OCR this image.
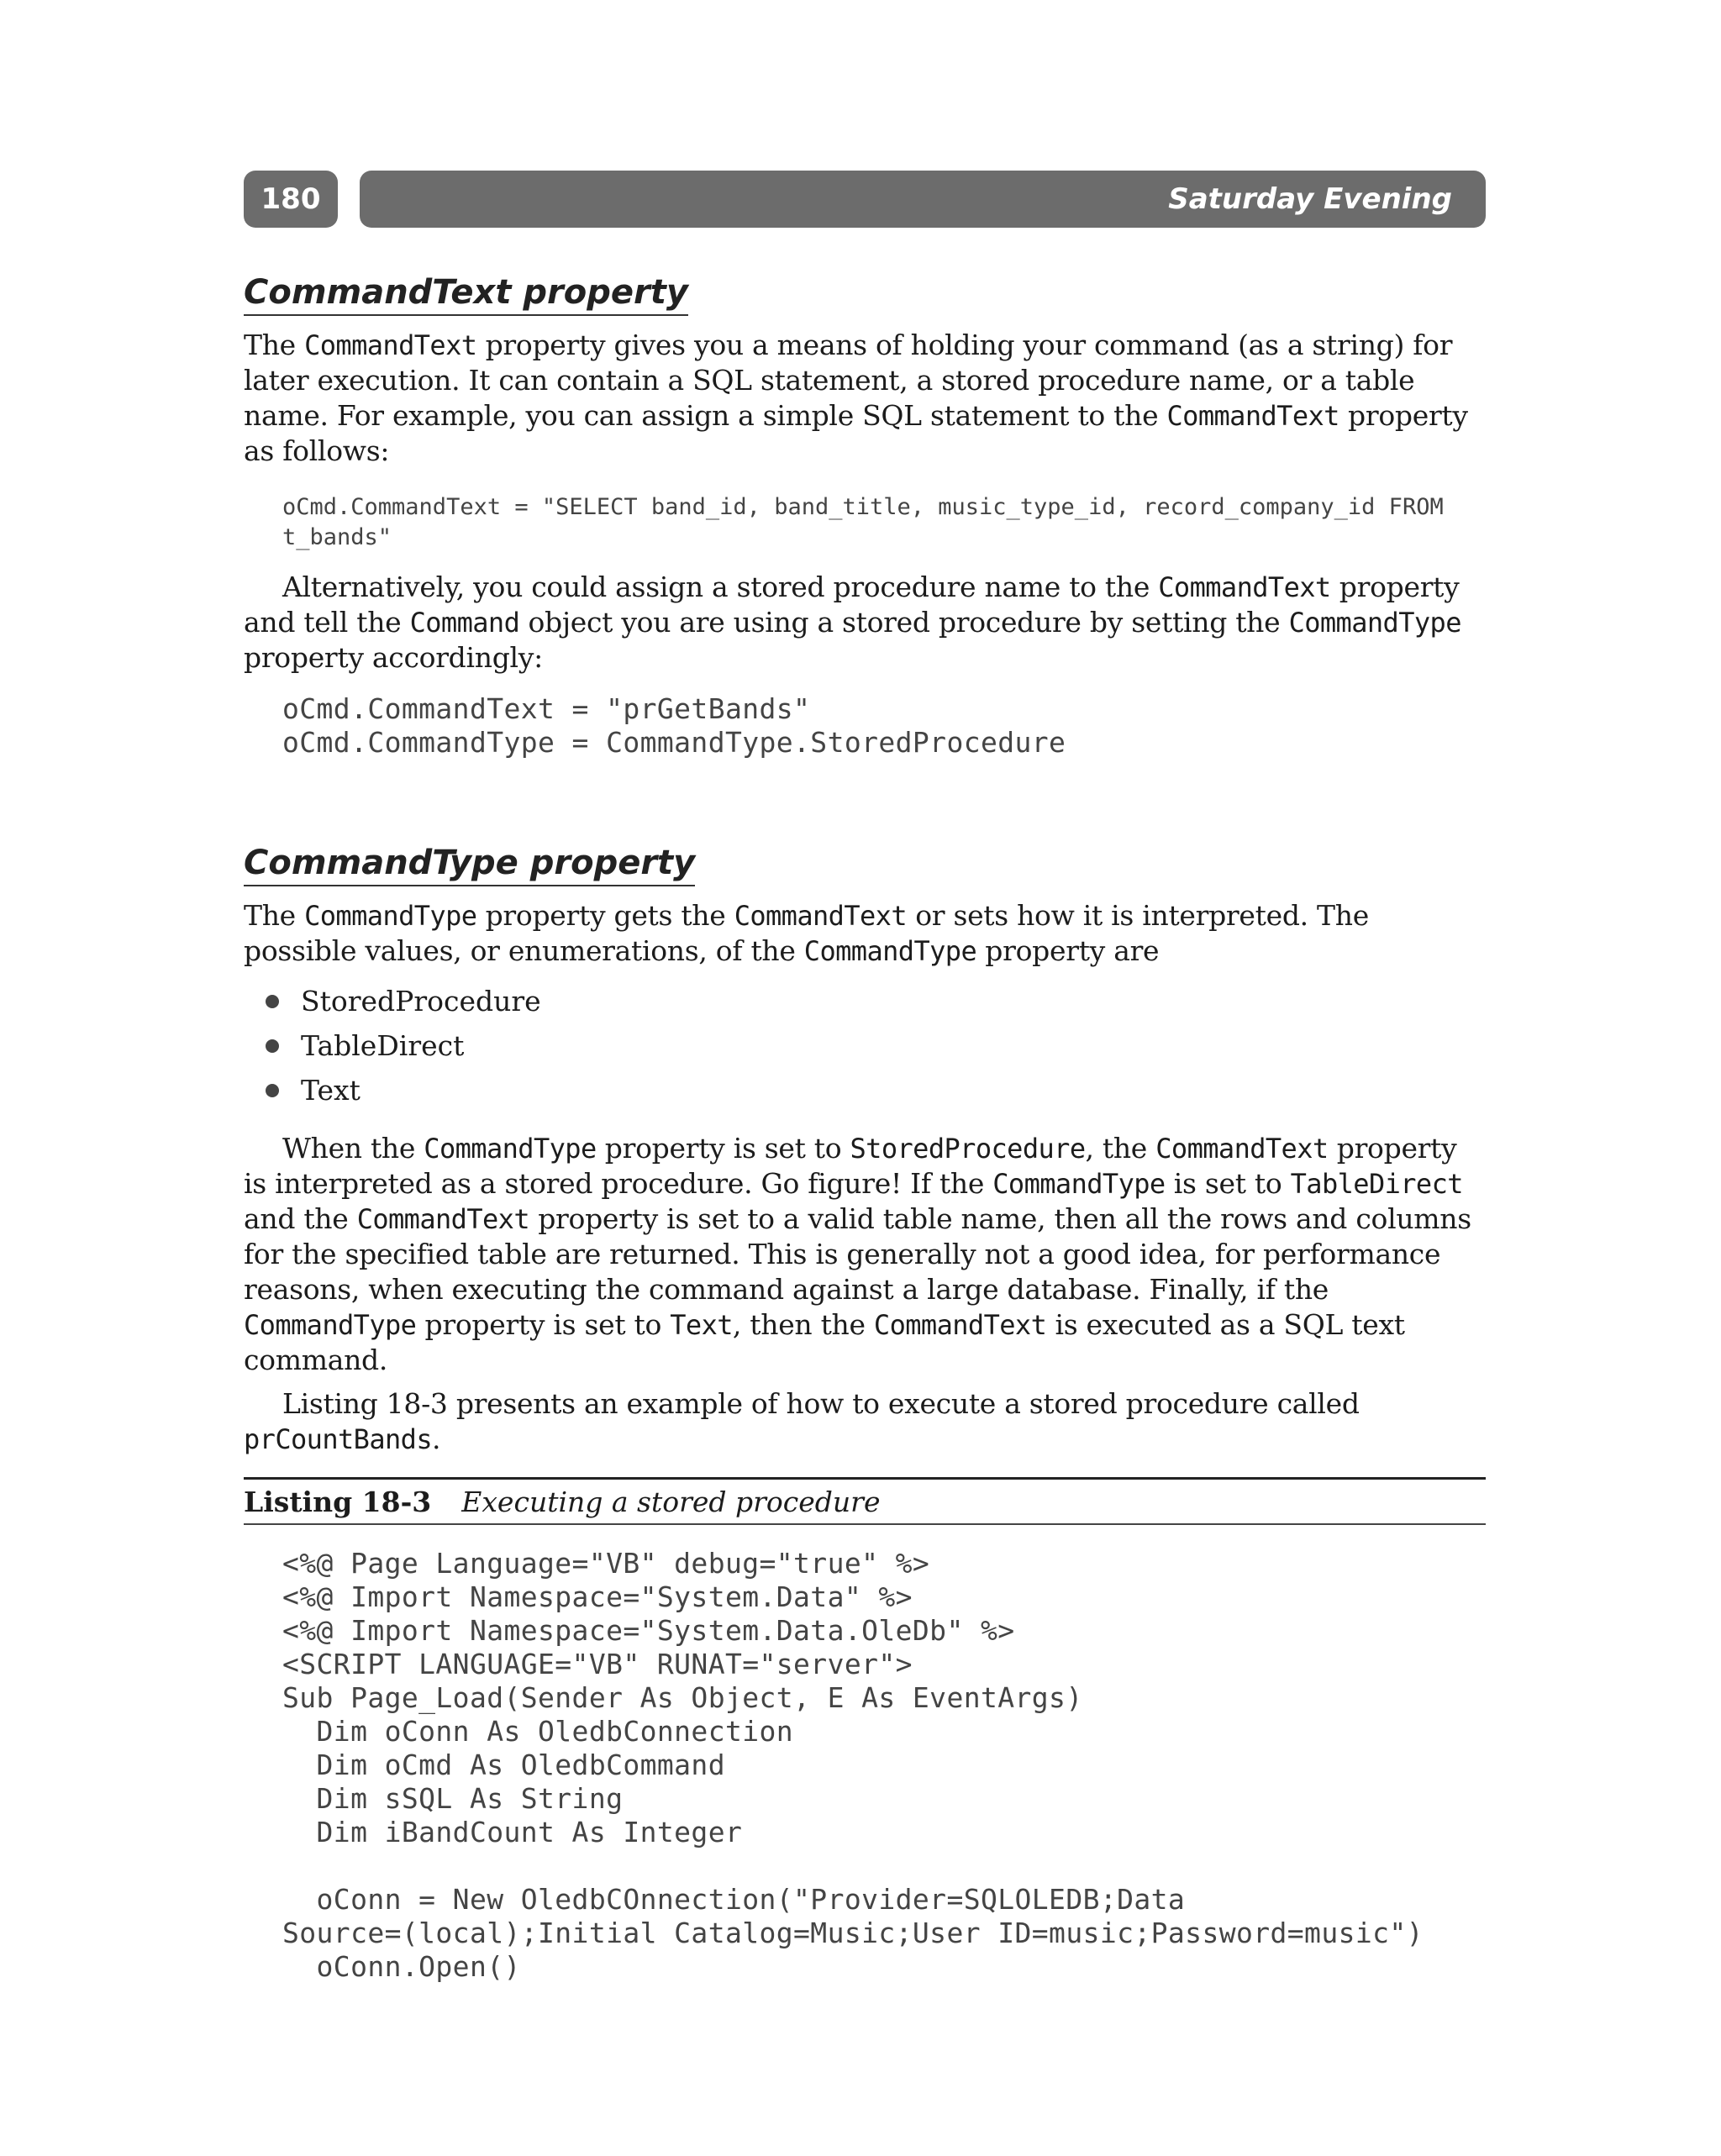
180	Saturday Evening
CommandText property

The CommandText property gives you a means of holding your command (as a string) for later execution. It can contain a SQL statement, a stored procedure name, or a table name. For example, you can assign a simple SQL statement to the CommandText property as follows:

oCmd.CommandText = "SELECT band_id, band_title, music_type_id, record_company_id FROM
t_bands"

Alternatively, you could assign a stored procedure name to the CommandText property and tell the Command object you are using a stored procedure by setting the CommandType property accordingly:

oCmd.CommandText = "prGetBands"
oCmd.CommandType = CommandType.StoredProcedure
CommandType property

The CommandType property gets the CommandText or sets how it is interpreted. The possible values, or enumerations, of the CommandType property are

StoredProcedure
TableDirect
Text

When the CommandType property is set to StoredProcedure, the CommandText property is interpreted as a stored procedure. Go figure! If the CommandType is set to TableDirect and the CommandText property is set to a valid table name, then all the rows and columns for the specified table are returned. This is generally not a good idea, for performance reasons, when executing the command against a large database. Finally, if the CommandType property is set to Text, then the CommandText is executed as a SQL text command.

Listing 18-3 presents an example of how to execute a stored procedure called prCountBands.

Listing 18-3 Executing a stored procedure
<%@ Page Language="VB" debug="true" %>
<%@ Import Namespace="System.Data" %>
<%@ Import Namespace="System.Data.OleDb" %>
<SCRIPT LANGUAGE="VB" RUNAT="server">
Sub Page_Load(Sender As Object, E As EventArgs)
Dim oConn As OledbConnection
Dim oCmd As OledbCommand
Dim sSQL As String
Dim iBandCount As Integer

oConn = New OledbCOnnection("Provider=SQLOLEDB;Data
Source=(local);Initial Catalog=Music;User ID=music;Password=music")
oConn.Open()
